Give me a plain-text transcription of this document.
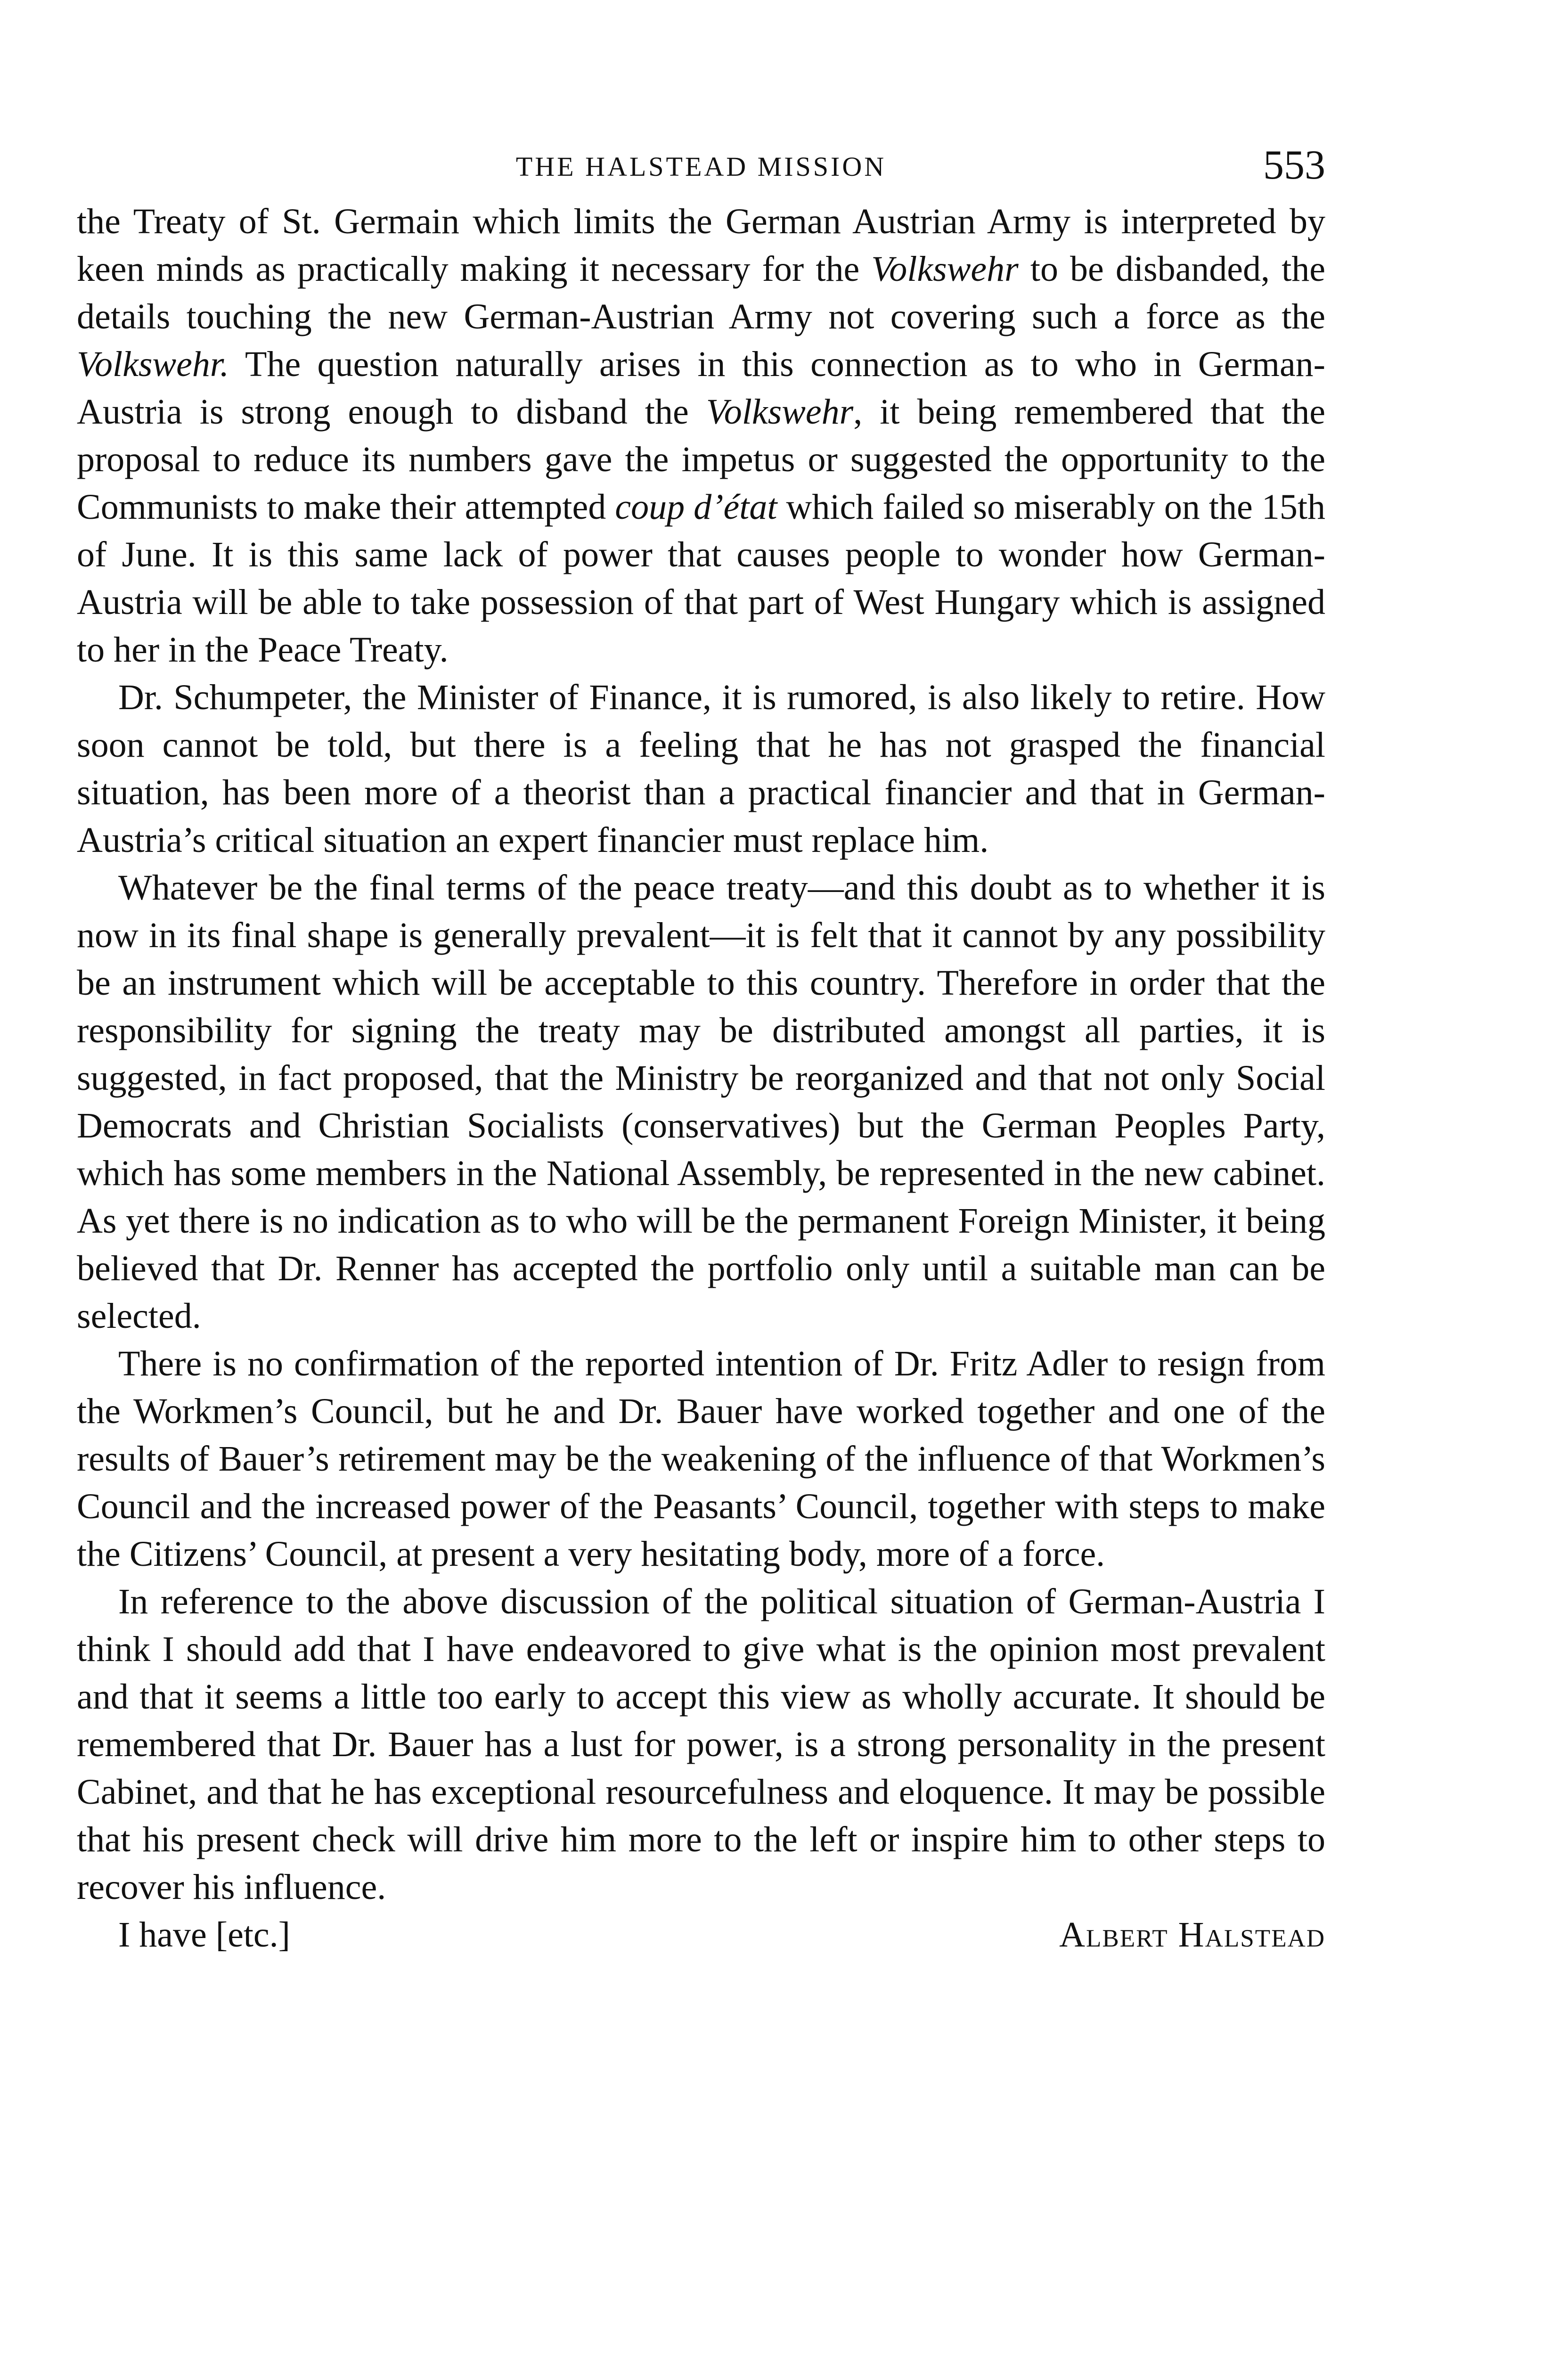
THE HALSTEAD MISSION	553

the Treaty of St. Germain which limits the German Austrian Army is interpreted by keen minds as practically making it necessary for the Volkswehr to be disbanded, the details touching the new German-Austrian Army not covering such a force as the Volkswehr. The question naturally arises in this connection as to who in German-Austria is strong enough to disband the Volkswehr, it being remembered that the proposal to reduce its numbers gave the impetus or suggested the opportunity to the Communists to make their attempted coup d’état which failed so miserably on the 15th of June. It is this same lack of power that causes people to wonder how German-Austria will be able to take possession of that part of West Hungary which is assigned to her in the Peace Treaty.

Dr. Schumpeter, the Minister of Finance, it is rumored, is also likely to retire. How soon cannot be told, but there is a feeling that he has not grasped the financial situation, has been more of a theorist than a practical financier and that in German-Austria’s critical situation an expert financier must replace him.

Whatever be the final terms of the peace treaty—and this doubt as to whether it is now in its final shape is generally prevalent—it is felt that it cannot by any possibility be an instrument which will be acceptable to this country. Therefore in order that the responsibility for signing the treaty may be distributed amongst all parties, it is suggested, in fact proposed, that the Ministry be reorganized and that not only Social Democrats and Christian Socialists (conservatives) but the German Peoples Party, which has some members in the National Assembly, be represented in the new cabinet. As yet there is no indication as to who will be the permanent Foreign Minister, it being believed that Dr. Renner has accepted the portfolio only until a suitable man can be selected.

There is no confirmation of the reported intention of Dr. Fritz Adler to resign from the Workmen’s Council, but he and Dr. Bauer have worked together and one of the results of Bauer’s retirement may be the weakening of the influence of that Workmen’s Council and the increased power of the Peasants’ Council, together with steps to make the Citizens’ Council, at present a very hesitating body, more of a force.

In reference to the above discussion of the political situation of German-Austria I think I should add that I have endeavored to give what is the opinion most prevalent and that it seems a little too early to accept this view as wholly accurate. It should be remembered that Dr. Bauer has a lust for power, is a strong personality in the present Cabinet, and that he has exceptional resourcefulness and eloquence. It may be possible that his present check will drive him more to the left or inspire him to other steps to recover his influence.

I have [etc.]	Albert Halstead
